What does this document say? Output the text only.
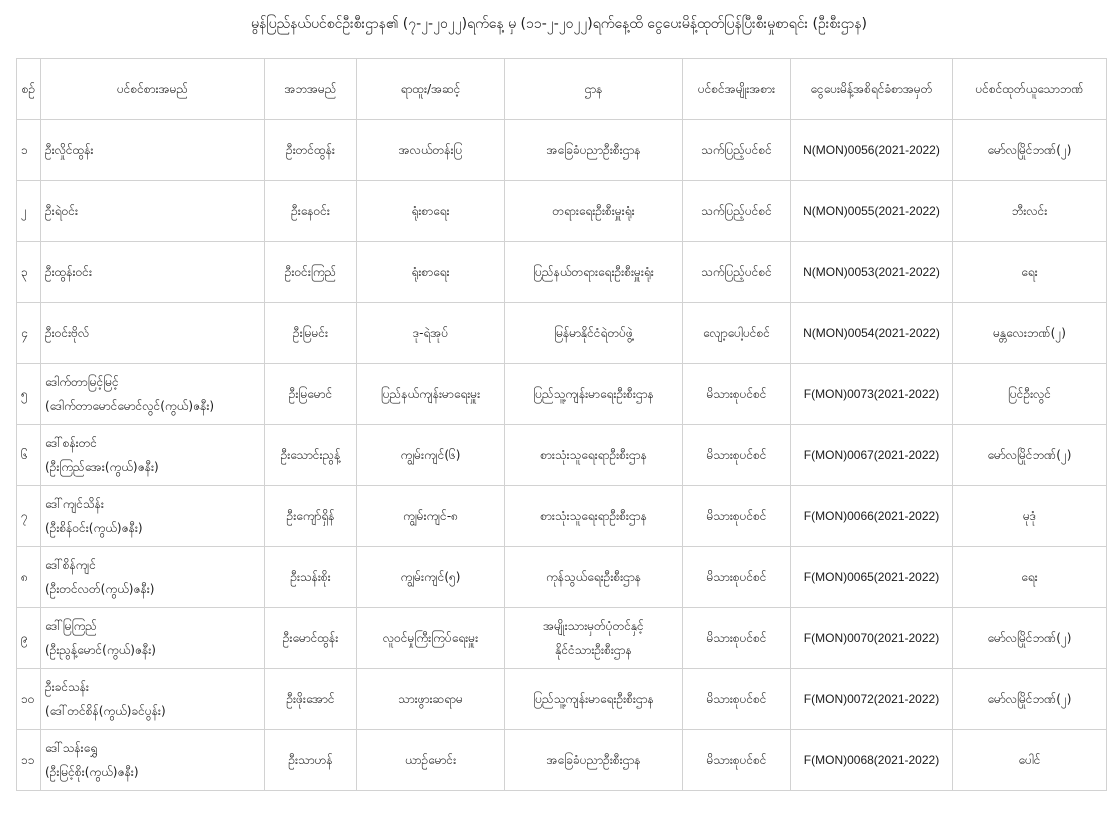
မွန်ပြည်နယ်ပင်စင်ဦးစီးဌာန၏ (၇-၂-၂၀၂၂)ရက်နေ့ မှ (၁၁-၂-၂၀၂၂)ရက်နေ့ထိ ငွေပေးမိန့်ထုတ်ပြန်ပြီးစီးမှုစာရင်း (ဦးစီးဌာန)
စဉ်	ပင်စင်စားအမည်	အဘအမည်	ရာထူး/အဆင့်	ဌာန	ပင်စင်အမျိုးအစား	ငွေပေးမိန့်အစိရင်ခံစာအမှတ်	ပင်စင်ထုတ်ယူသောဘဏ်

၁	ဦးလှိုင်ထွန်း	ဦးတင်ထွန်း	အလယ်တန်းပြ	အခြေခံပညာဦးစီးဌာန	သက်ပြည့်ပင်စင်	N(MON)0056(2021-2022)	မော်လမြိုင်ဘဏ်(၂)

၂	ဦးရဲဝင်း	ဦးနေဝင်း	ရုံးစာရေး	တရားရေးဦးစီးမှူးရုံး	သက်ပြည့်ပင်စင်	N(MON)0055(2021-2022)	ဘီးလင်း

၃	ဦးထွန်းဝင်း	ဦးဝင်းကြည်	ရုံးစာရေး	ပြည်နယ်တရားရေးဦးစီးမှူးရုံး	သက်ပြည့်ပင်စင်	N(MON)0053(2021-2022)	ရေး

၄	ဦးဝင်းဗိုလ်	ဦးမြမင်း	ဒု-ရဲအုပ်	မြန်မာနိုင်ငံရဲတပ်ဖွဲ့	လျော့ပေါ့ပင်စင်	N(MON)0054(2021-2022)	မန္တလေးဘဏ်(၂)

၅	ဒေါက်တာမြင့်မြင့်
(ဒေါက်တာမောင်မောင်လွင်(ကွယ်)ဇနီး)	ဦးမြမောင်	ပြည်နယ်ကျန်းမာရေးမှူး	ပြည်သူ့ကျန်းမာရေးဦးစီးဌာန	မိသားစုပင်စင်	F(MON)0073(2021-2022)	ပြင်ဦးလွင်

၆	ဒေါ်စန်းတင်
(ဦးကြည်အေး(ကွယ်)ဇနီး)	ဦးသောင်းညွန့်	ကျွမ်းကျင်(၆)	စားသုံးသူရေးရာဦးစီးဌာန	မိသားစုပင်စင်	F(MON)0067(2021-2022)	မော်လမြိုင်ဘဏ်(၂)

၇	ဒေါ်ကျင်သိန်း
(ဦးစိန်ဝင်း(ကွယ်)ဇနီး)	ဦးကျော်ရှိန်	ကျွမ်းကျင်-၈	စားသုံးသူရေးရာဦးစီးဌာန	မိသားစုပင်စင်	F(MON)0066(2021-2022)	မုဒုံ

၈	ဒေါ်စိန်ကျင်
(ဦးတင်လတ်(ကွယ်)ဇနီး)	ဦးသန်းစိုး	ကျွမ်းကျင်(၅)	ကုန်သွယ်ရေးဦးစီးဌာန	မိသားစုပင်စင်	F(MON)0065(2021-2022)	ရေး

၉	ဒေါ်မြကြည်
(ဦးညွန့်မောင်(ကွယ်)ဇနီး)	ဦးမောင်ထွန်း	လူဝင်မှုကြီးကြပ်ရေးမှူး	အမျိုးသားမှတ်ပုံတင်နှင့်
နိုင်ငံသားဦးစီးဌာန	မိသားစုပင်စင်	F(MON)0070(2021-2022)	မော်လမြိုင်ဘဏ်(၂)

၁၀	ဦးခင်သန်း
(ဒေါ်တင်စိန်(ကွယ်)ခင်ပွန်း)	ဦးဖိုးအောင်	သားဖွားဆရာမ	ပြည်သူ့ကျန်းမာရေးဦးစီးဌာန	မိသားစုပင်စင်	F(MON)0072(2021-2022)	မော်လမြိုင်ဘဏ်(၂)

၁၁	ဒေါ်သန်းရွှေ
(ဦးမြင့်စိုး(ကွယ်)ဇနီး)	ဦးသာဟန်	ယာဉ်မောင်း	အခြေခံပညာဦးစီးဌာန	မိသားစုပင်စင်	F(MON)0068(2021-2022)	ပေါင်
